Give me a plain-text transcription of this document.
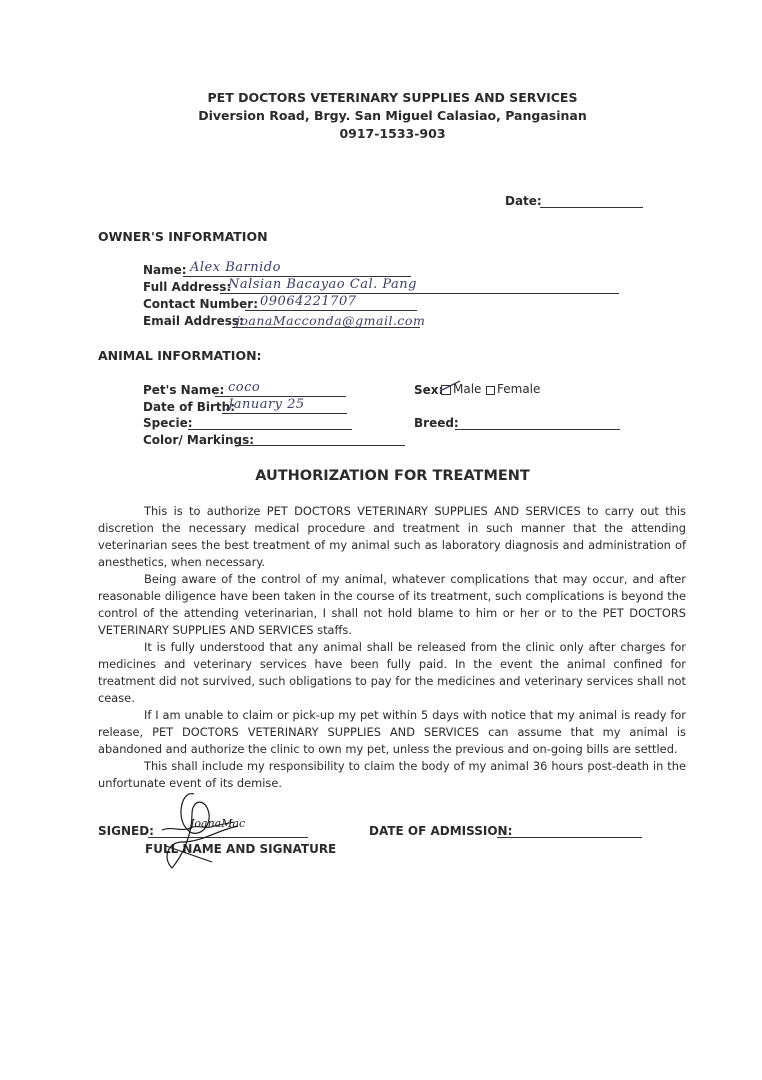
PET DOCTORS VETERINARY SUPPLIES AND SERVICES
Diversion Road, Brgy. San Miguel Calasiao, Pangasinan
0917-1533-903
Date:
OWNER'S INFORMATION
Name: Alex Barnido
Full Address:
Nalsian Bacayao Cal. Pang
Contact Number: 09064221707
Email Address:
joanaMacconda@gmail.com
ANIMAL INFORMATION:
Pet's Name: coco	Sex: Male Female
Date of Birth:
January 25
Specie:	Breed:
Color/ Markings:
AUTHORIZATION FOR TREATMENT

This is to authorize PET DOCTORS VETERINARY SUPPLIES AND SERVICES to carry out this discretion the necessary medical procedure and treatment in such manner that the attending veterinarian sees the best treatment of my animal such as laboratory diagnosis and administration of anesthetics, when necessary.

Being aware of the control of my animal, whatever complications that may occur, and after reasonable diligence have been taken in the course of its treatment, such complications is beyond the control of the attending veterinarian, I shall not hold blame to him or her or to the PET DOCTORS VETERINARY SUPPLIES AND SERVICES staffs.

It is fully understood that any animal shall be released from the clinic only after charges for medicines and veterinary services have been fully paid. In the event the animal confined for treatment did not survived, such obligations to pay for the medicines and veterinary services shall not cease.

If I am unable to claim or pick-up my pet within 5 days with notice that my animal is ready for release, PET DOCTORS VETERINARY SUPPLIES AND SERVICES can assume that my animal is abandoned and authorize the clinic to own my pet, unless the previous and on-going bills are settled.

This shall include my responsibility to claim the body of my animal 36 hours post-death in the unfortunate event of its demise.

SIGNED:
FULL NAME AND SIGNATURE
JoanaMac
DATE OF ADMISSION:
